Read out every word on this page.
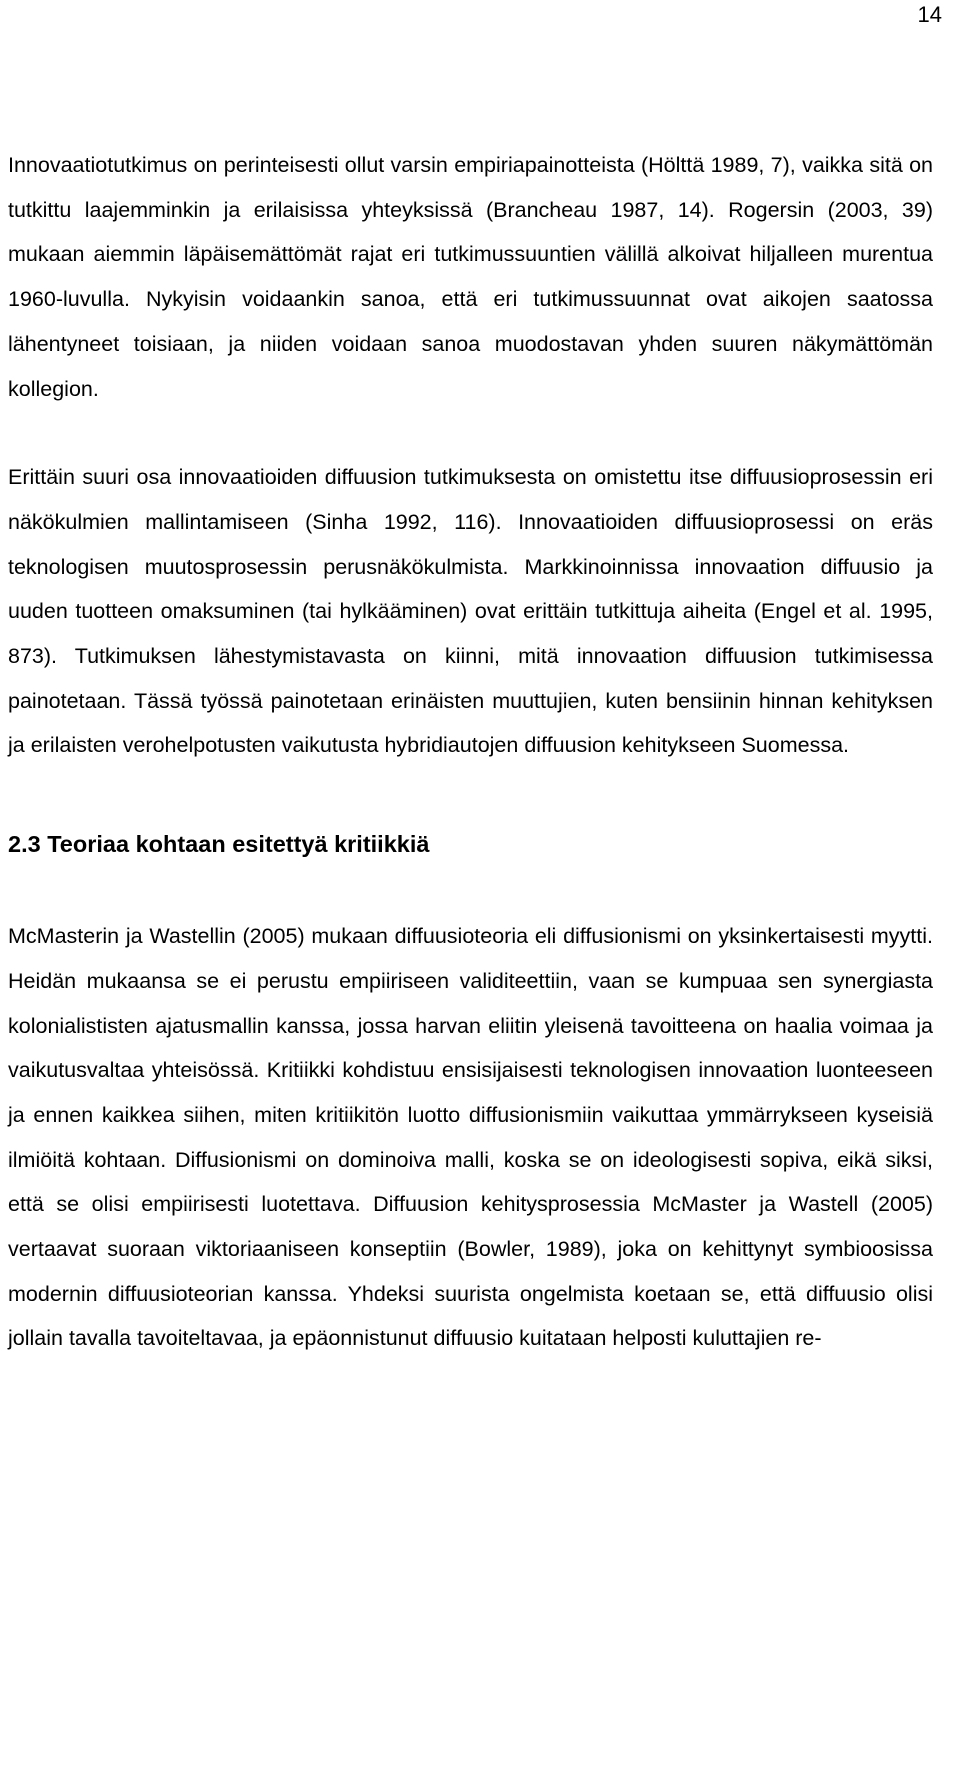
14

Innovaatiotutkimus on perinteisesti ollut varsin empiriapainotteista (Hölttä 1989, 7), vaikka sitä on tutkittu laajemminkin ja erilaisissa yhteyksissä (Brancheau 1987, 14). Rogersin (2003, 39) mukaan aiemmin läpäisemättömät rajat eri tutkimussuuntien välillä alkoivat hiljalleen murentua 1960-luvulla. Nykyisin voidaankin sanoa, että eri tutkimussuunnat ovat aikojen saatossa lähentyneet toisiaan, ja niiden voidaan sanoa muodostavan yhden suuren näkymättömän kollegion.

Erittäin suuri osa innovaatioiden diffuusion tutkimuksesta on omistettu itse diffuusioprosessin eri näkökulmien mallintamiseen (Sinha 1992, 116). Innovaatioiden diffuusioprosessi on eräs teknologisen muutosprosessin perusnäkökulmista. Markkinoinnissa innovaation diffuusio ja uuden tuotteen omaksuminen (tai hylkääminen) ovat erittäin tutkittuja aiheita (Engel et al. 1995, 873). Tutkimuksen lähestymistavasta on kiinni, mitä innovaation diffuusion tutkimisessa painotetaan. Tässä työssä painotetaan erinäisten muuttujien, kuten bensiinin hinnan kehityksen ja erilaisten verohelpotusten vaikutusta hybridiautojen diffuusion kehitykseen Suomessa.

2.3 Teoriaa kohtaan esitettyä kritiikkiä

McMasterin ja Wastellin (2005) mukaan diffuusioteoria eli diffusionismi on yksinkertaisesti myytti. Heidän mukaansa se ei perustu empiiriseen validiteettiin, vaan se kumpuaa sen synergiasta kolonialististen ajatusmallin kanssa, jossa harvan eliitin yleisenä tavoitteena on haalia voimaa ja vaikutusvaltaa yhteisössä. Kritiikki kohdistuu ensisijaisesti teknologisen innovaation luonteeseen ja ennen kaikkea siihen, miten kritiikitön luotto diffusionismiin vaikuttaa ymmärrykseen kyseisiä ilmiöitä kohtaan. Diffusionismi on dominoiva malli, koska se on ideologisesti sopiva, eikä siksi, että se olisi empiirisesti luotettava. Diffuusion kehitysprosessia McMaster ja Wastell (2005) vertaavat suoraan viktoriaaniseen konseptiin (Bowler, 1989), joka on kehittynyt symbioosissa modernin diffuusioteorian kanssa. Yhdeksi suurista ongelmista koetaan se, että diffuusio olisi jollain tavalla tavoiteltavaa, ja epäonnistunut diffuusio kuitataan helposti kuluttajien re-
